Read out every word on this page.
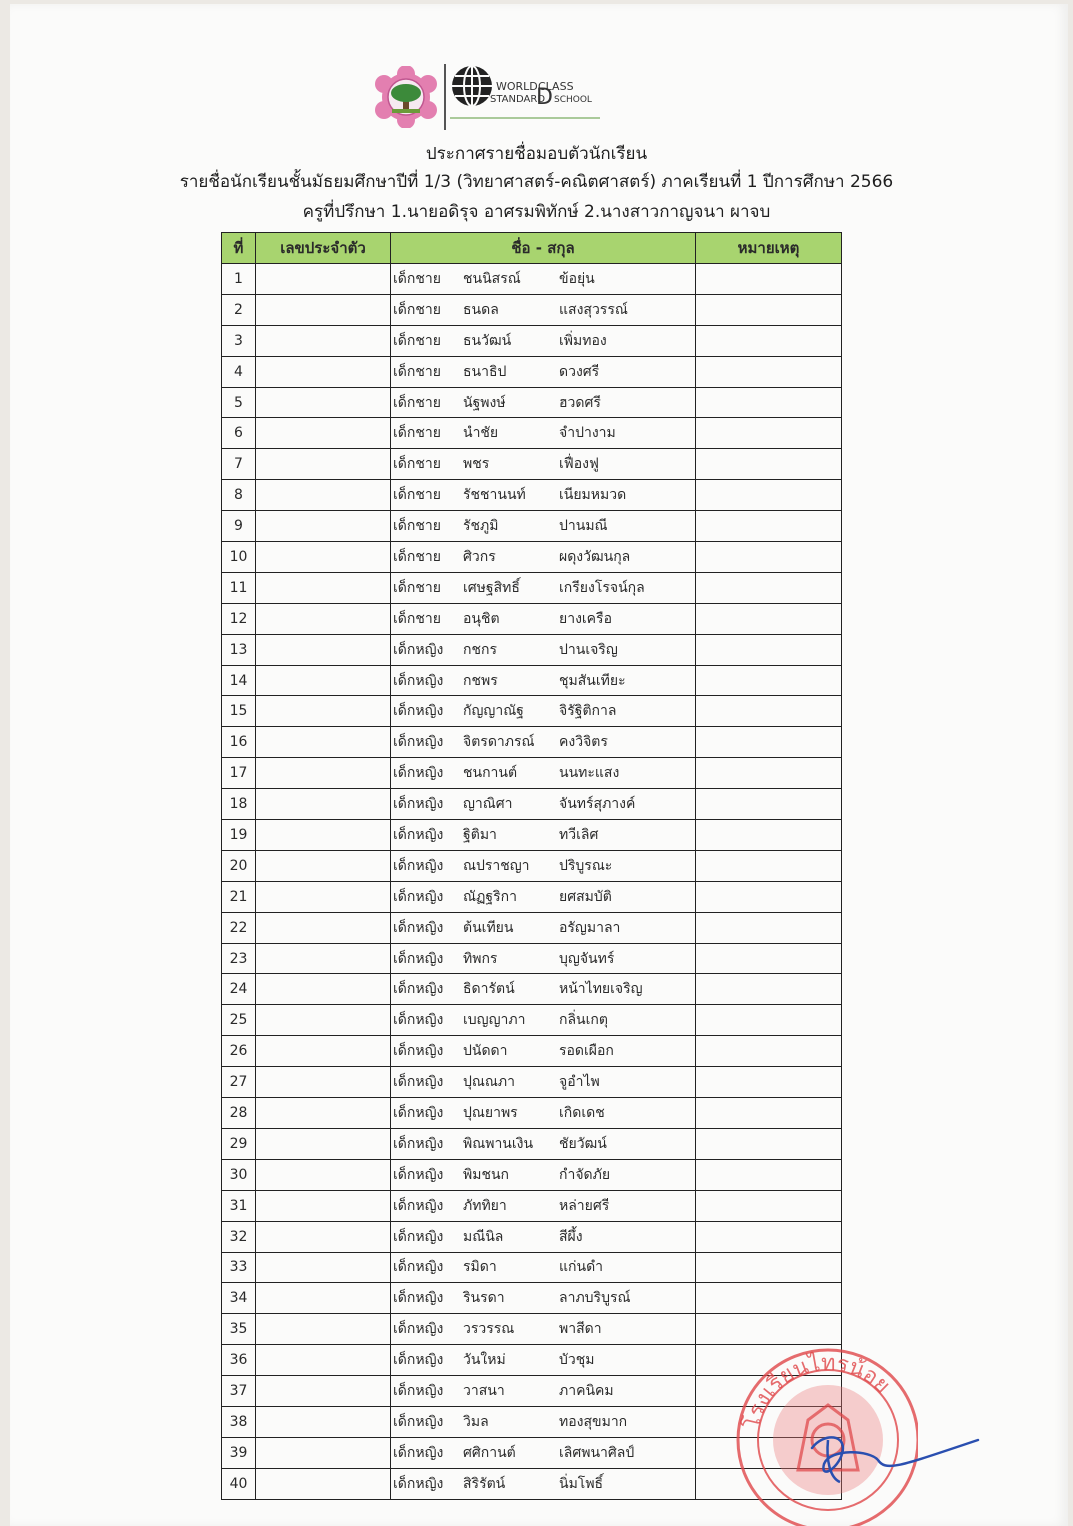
WORLD CLASS
STANDARD
D SCHOOL
ประกาศรายชื่อมอบตัวนักเรียน
รายชื่อนักเรียนชั้นมัธยมศึกษาปีที่ 1/3 (วิทยาศาสตร์-คณิตศาสตร์) ภาคเรียนที่ 1 ปีการศึกษา 2566
ครูที่ปรึกษา 1.นายอดิรุจ อาศรมพิทักษ์ 2.นางสาวกาญจนา ผาจบ
ที่	เลขประจำตัว	ชื่อ - สกุล	หมายเหตุ
1		เด็กชาย ชนนิสรณ์ ข้อยุ่น	
2		เด็กชาย ธนดล แสงสุวรรณ์	
3		เด็กชาย ธนวัฒน์ เพิ่มทอง	
4		เด็กชาย ธนาธิป ดวงศรี	
5		เด็กชาย นัฐพงษ์ ฮวดศรี	
6		เด็กชาย นำชัย จำปางาม	
7		เด็กชาย พชร เฟื่องฟู	
8		เด็กชาย รัชชานนท์ เนียมหมวด	
9		เด็กชาย รัชภูมิ ปานมณี	
10		เด็กชาย ศิวกร ผดุงวัฒนกุล	
11		เด็กชาย เศษฐสิทธิ์ เกรียงโรจน์กุล	
12		เด็กชาย อนุชิต ยางเครือ	
13		เด็กหญิง กชกร ปานเจริญ	
14		เด็กหญิง กชพร ชุมสันเทียะ	
15		เด็กหญิง กัญญาณัฐ จิรัฐิติกาล	
16		เด็กหญิง จิตรดาภรณ์ คงวิจิตร	
17		เด็กหญิง ชนกานต์ นนทะแสง	
18		เด็กหญิง ญาณิศา จันทร์สุภางค์	
19		เด็กหญิง ฐิติมา ทวีเลิศ	
20		เด็กหญิง ณปราชญา ปริบูรณะ	
21		เด็กหญิง ณัฏฐริกา ยศสมบัติ	
22		เด็กหญิง ต้นเทียน อรัญมาลา	
23		เด็กหญิง ทิพกร บุญจันทร์	
24		เด็กหญิง ธิดารัตน์ หน้าไทยเจริญ	
25		เด็กหญิง เบญญาภา กลิ่นเกตุ	
26		เด็กหญิง ปนัดดา รอดเผือก	
27		เด็กหญิง ปุณณภา จูอำไพ	
28		เด็กหญิง ปุณยาพร เกิดเดช	
29		เด็กหญิง พิณพานเงิน ชัยวัฒน์	
30		เด็กหญิง พิมชนก กำจัดภัย	
31		เด็กหญิง ภัททิยา หล่ายศรี	
32		เด็กหญิง มณีนิล สีผึ้ง	
33		เด็กหญิง รมิดา แก่นดำ	
34		เด็กหญิง รินรดา ลาภบริบูรณ์	
35		เด็กหญิง วรวรรณ พาสีดา	
36		เด็กหญิง วันใหม่ บัวชุม	
37		เด็กหญิง วาสนา ภาคนิคม	
38		เด็กหญิง วิมล ทองสุขมาก	
39		เด็กหญิง ศศิกานต์ เลิศพนาศิลป์	
40		เด็กหญิง สิริรัตน์ นิ่มโพธิ์	
โรงเรียนไทรน้อย
